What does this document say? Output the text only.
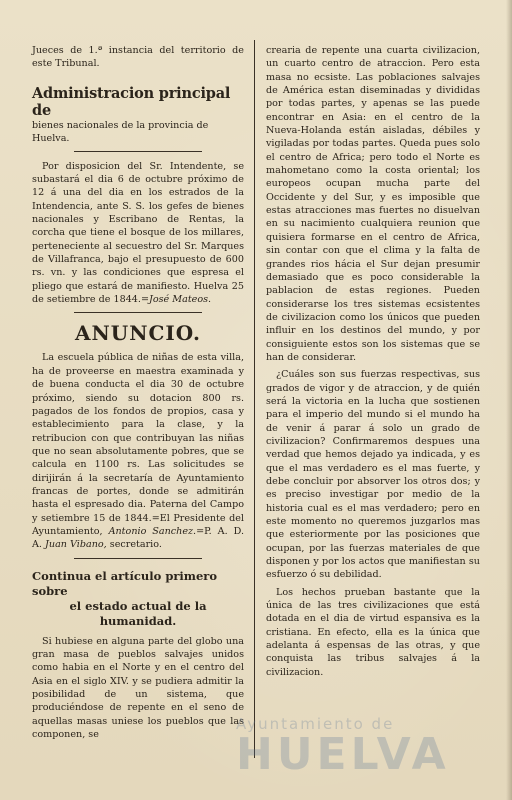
Jueces de 1.ª instancia del territorio de este Tribunal.

Administracion principal de
bienes nacionales de la provincia de Huelva.

Por disposicion del Sr. Intendente, se subastará el dia 6 de octubre próximo de 12 á una del dia en los estrados de la Intendencia, ante S. S. los gefes de bienes nacionales y Escribano de Rentas, la corcha que tiene el bosque de los millares, perteneciente al secuestro del Sr. Marques de Villafranca, bajo el presupuesto de 600 rs. vn. y las condiciones que espresa el pliego que estará de manifiesto. Huelva 25 de setiembre de 1844.=José Mateos.

ANUNCIO.

La escuela pública de niñas de esta villa, ha de proveerse en maestra examinada y de buena conducta el dia 30 de octubre próximo, siendo su dotacion 800 rs. pagados de los fondos de propios, casa y establecimiento para la clase, y la retribucion con que contribuyan las niñas que no sean absolutamente pobres, que se calcula en 1100 rs. Las solicitudes se dirijirán á la secretaría de Ayuntamiento francas de portes, donde se admitirán hasta el espresado dia. Paterna del Campo y setiembre 15 de 1844.=El Presidente del Ayuntamiento, Antonio Sanchez.=P. A. D. A. Juan Vibano, secretario.

Continua el artículo primero sobre
el estado actual de la humanidad.

Si hubiese en alguna parte del globo una gran masa de pueblos salvajes unidos como habia en el Norte y en el centro del Asia en el siglo XIV. y se pudiera admitir la posibilidad de un sistema, que produciéndose de repente en el seno de aquellas masas uniese los pueblos que las componen, se

crearia de repente una cuarta civilizacion, un cuarto centro de atraccion. Pero esta masa no ecsiste. Las poblaciones salvajes de América estan diseminadas y divididas por todas partes, y apenas se las puede encontrar en Asia: en el centro de la Nueva-Holanda están aisladas, débiles y vigiladas por todas partes. Queda pues solo el centro de Africa; pero todo el Norte es mahometano como la costa oriental; los europeos ocupan mucha parte del Occidente y del Sur, y es imposible que estas atracciones mas fuertes no disuelvan en su nacimiento cualquiera reunion que quisiera formarse en el centro de Africa, sin contar con que el clima y la falta de grandes rios hácia el Sur dejan presumir demasiado que es poco considerable la pablacion de estas regiones. Pueden considerarse los tres sistemas ecsistentes de civilizacion como los únicos que pueden influir en los destinos del mundo, y por consiguiente estos son los sistemas que se han de considerar.

¿Cuáles son sus fuerzas respectivas, sus grados de vigor y de atraccion, y de quién será la victoria en la lucha que sostienen para el imperio del mundo si el mundo ha de venir á parar á solo un grado de civilizacion? Confirmaremos despues una verdad que hemos dejado ya indicada, y es que el mas verdadero es el mas fuerte, y debe concluir por absorver los otros dos; y es preciso investigar por medio de la historia cual es el mas verdadero; pero en este momento no queremos juzgarlos mas que esteriormente por las posiciones que ocupan, por las fuerzas materiales de que disponen y por los actos que manifiestan su esfuerzo ó su debilidad.

Los hechos prueban bastante que la única de las tres civilizaciones que está dotada en el dia de virtud espansiva es la cristiana. En efecto, ella es la única que adelanta á espensas de las otras, y que conquista las tribus salvajes á la civilizacion.

Ayuntamiento de
HUELVA
